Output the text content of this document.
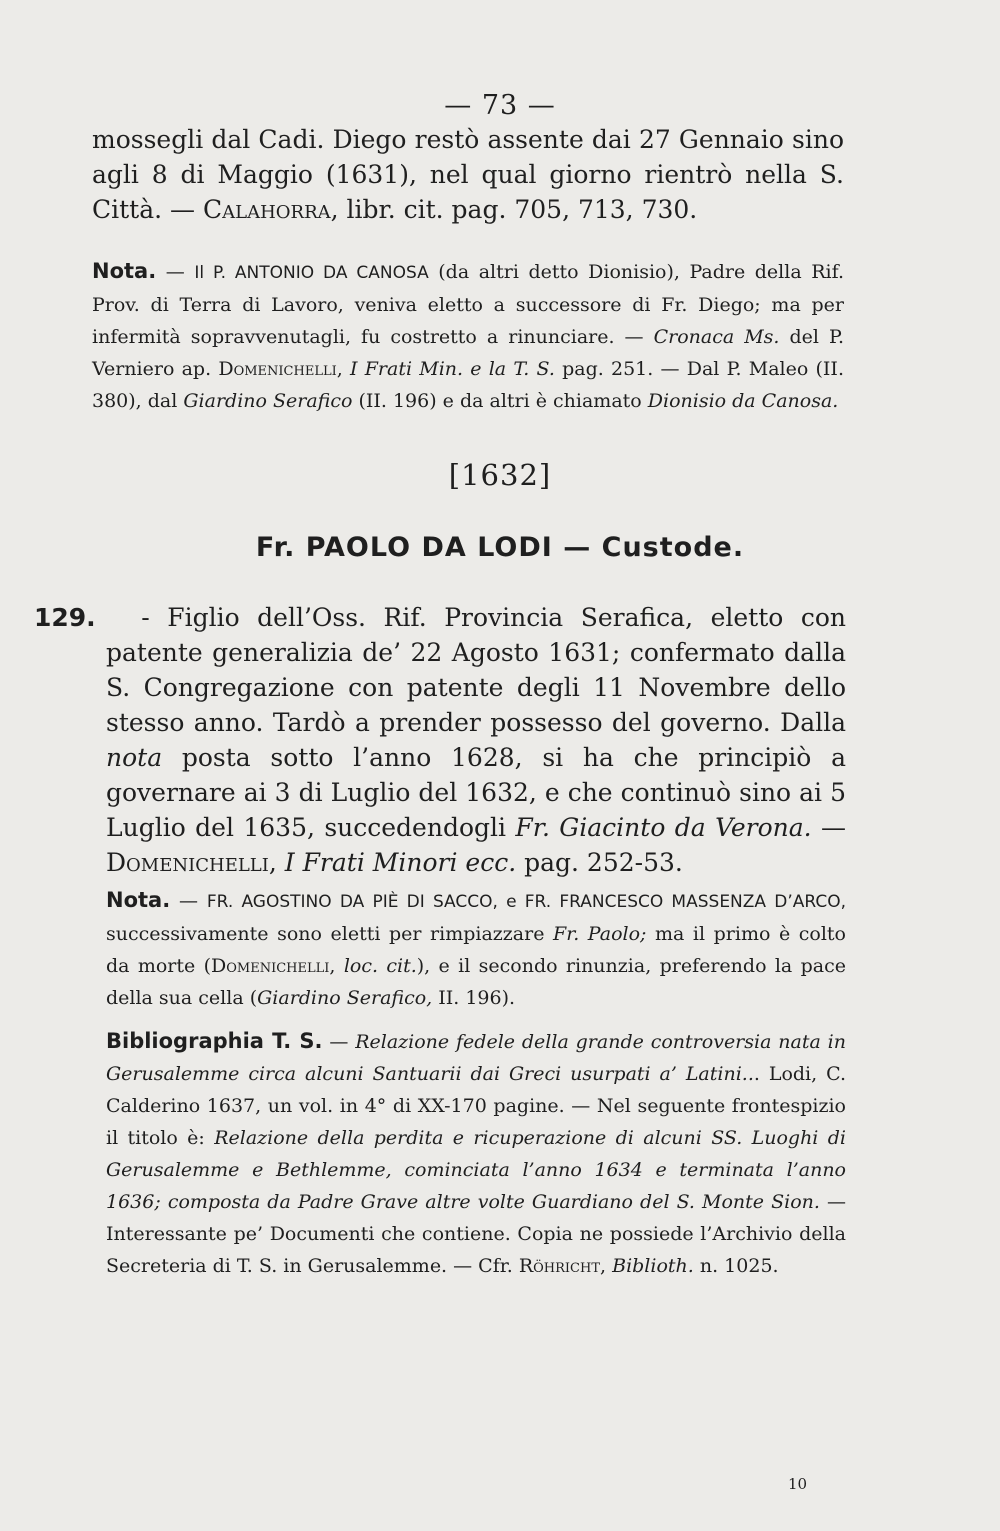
— 73 —

mossegli dal Cadi. Diego restò assente dai 27 Gennaio sino agli 8 di Maggio (1631), nel qual giorno rientrò nella S. Città. — Calahorra, libr. cit. pag. 705, 713, 730.

Nota. — Il P. ANTONIO DA CANOSA (da altri detto Dionisio), Padre della Rif. Prov. di Terra di Lavoro, veniva eletto a successore di Fr. Diego; ma per infermità sopravvenutagli, fu costretto a rinunciare. — Cronaca Ms. del P. Verniero ap. Domenichelli, I Frati Min. e la T. S. pag. 251. — Dal P. Maleo (II. 380), dal Giardino Serafico (II. 196) e da altri è chiamato Dionisio da Canosa.

[1632]
Fr. PAOLO DA LODI — Custode.

129. - Figlio dell’Oss. Rif. Provincia Serafica, eletto con patente generalizia de’ 22 Agosto 1631; confermato dalla S. Congregazione con patente degli 11 Novembre dello stesso anno. Tardò a prender possesso del governo. Dalla nota posta sotto l’anno 1628, si ha che principiò a governare ai 3 di Luglio del 1632, e che continuò sino ai 5 Luglio del 1635, succedendogli Fr. Giacinto da Verona. — Domenichelli, I Frati Minori ecc. pag. 252-53.

Nota. — FR. AGOSTINO DA PIÈ DI SACCO, e FR. FRANCESCO MASSENZA D’ARCO, successivamente sono eletti per rimpiazzare Fr. Paolo; ma il primo è colto da morte (Domenichelli, loc. cit.), e il secondo rinunzia, preferendo la pace della sua cella (Giardino Serafico, II. 196).

Bibliographia T. S. — Relazione fedele della grande controversia nata in Gerusalemme circa alcuni Santuarii dai Greci usurpati a’ Latini... Lodi, C. Calderino 1637, un vol. in 4° di XX-170 pagine. — Nel seguente frontespizio il titolo è: Relazione della perdita e ricuperazione di alcuni SS. Luoghi di Gerusalemme e Bethlemme, cominciata l’anno 1634 e terminata l’anno 1636; composta da Padre Grave altre volte Guardiano del S. Monte Sion. — Interessante pe’ Documenti che contiene. Copia ne possiede l’Archivio della Secreteria di T. S. in Gerusalemme. — Cfr. Röhricht, Biblioth. n. 1025.

10
